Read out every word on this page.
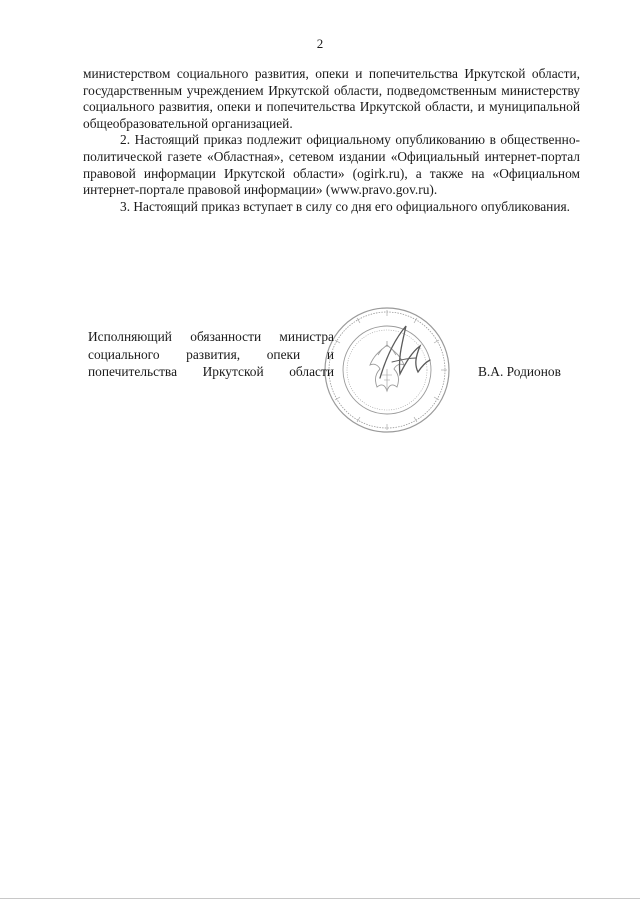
2

министерством социального развития, опеки и попечительства Иркутской области, государственным учреждением Иркутской области, подведомственным министерству социального развития, опеки и попечительства Иркутской области, и муниципальной общеобразовательной организацией.

2. Настоящий приказ подлежит официальному опубликованию в общественно-политической газете «Областная», сетевом издании «Официальный интернет-портал правовой информации Иркутской области» (ogirk.ru), а также на «Официальном интернет-портале правовой информации» (www.pravo.gov.ru).

3. Настоящий приказ вступает в силу со дня его официального опубликования.

Исполняющий обязанности министра
социального развития, опеки и
попечительства Иркутской области	В.А. Родионов
